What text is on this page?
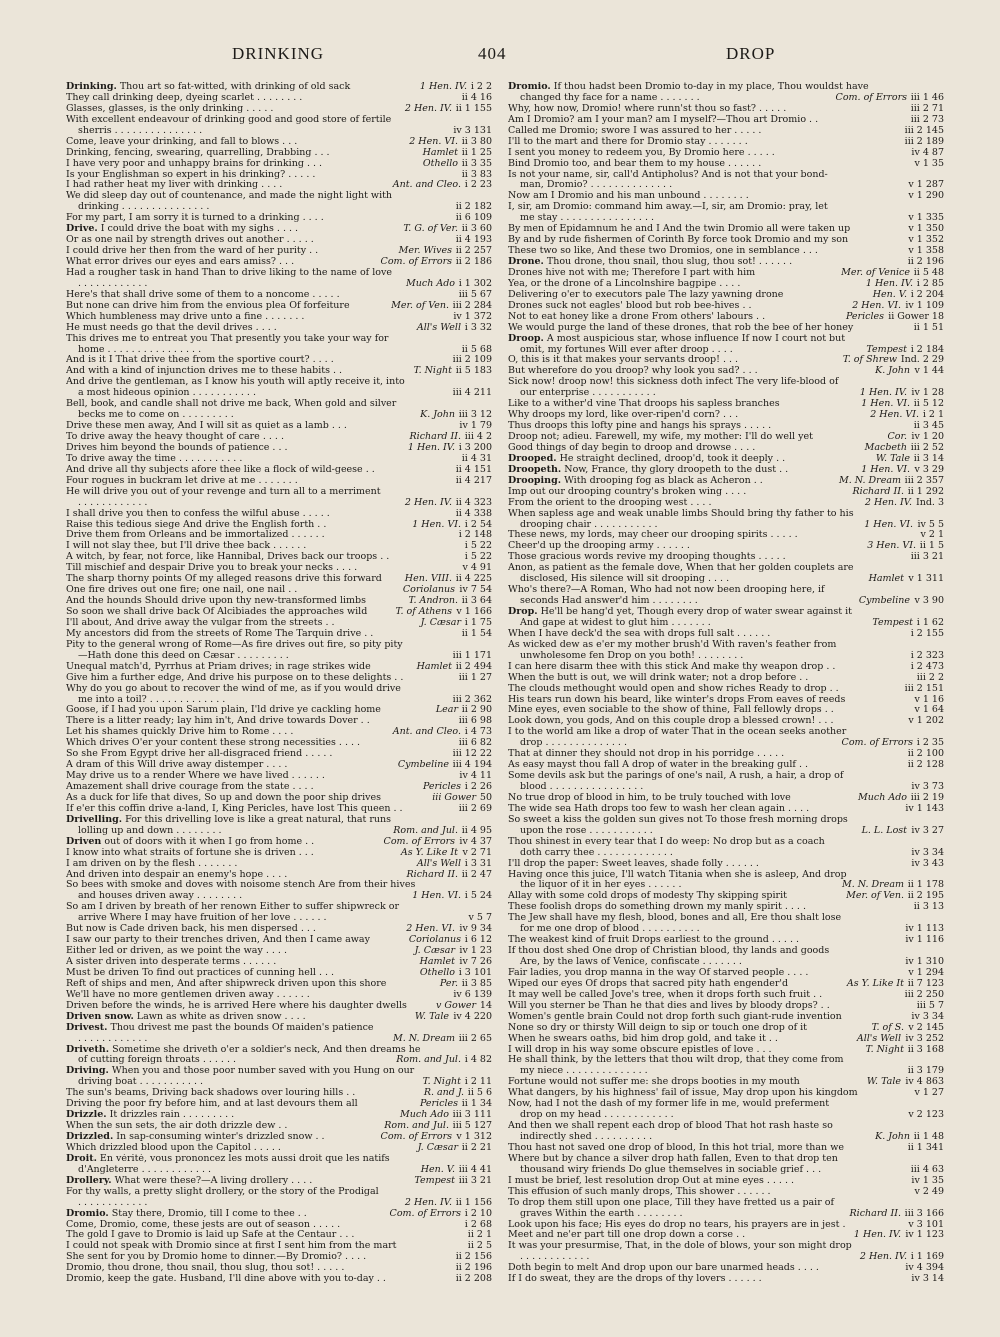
DRINKING	404	DROP
Drinking. Thou art so fat-witted, with drinking of old sack	1 Hen. IV. i 2 2
They call drinking deep, dyeing scarlet . . . . . . . .	ii 4 16
Glasses, glasses, is the only drinking . . . . .	2 Hen. IV. ii 1 155
With excellent endeavour of drinking good and good store of fertile
sherris . . . . . . . . . . . . . . .	iv 3 131
Come, leave your drinking, and fall to blows . . .	2 Hen. VI. ii 3 80
Drinking, fencing, swearing, quarrelling, Drabbing . . .	Hamlet ii 1 25
I have very poor and unhappy brains for drinking . . .	Othello ii 3 35
Is your Englishman so expert in his drinking? . . . . .	ii 3 83
I had rather heat my liver with drinking . . . .	Ant. and Cleo. i 2 23
We did sleep day out of countenance, and made the night light with
drinking . . . . . . . . . . . . . . .	ii 2 182
For my part, I am sorry it is turned to a drinking . . . .	ii 6 109
Drive. I could drive the boat with my sighs . . . .	T. G. of Ver. ii 3 60
Or as one nail by strength drives out another . . . . .	ii 4 193
I could drive her then from the ward of her purity . .	Mer. Wives ii 2 257
What error drives our eyes and ears amiss? . . .	Com. of Errors ii 2 186
Had a rougher task in hand Than to drive liking to the name of love
. . . . . . . . . . . .	Much Ado i 1 302
Here's that shall drive some of them to a noncome . . . . .	iii 5 67
But none can drive him from the envious plea Of forfeiture	Mer. of Ven. iii 2 284
Which humbleness may drive unto a fine . . . . . . .	iv 1 372
He must needs go that the devil drives . . . .	All's Well i 3 32
This drives me to entreat you That presently you take your way for
home . . . . . . . . . . . . . . . .	ii 5 68
And is it I That drive thee from the sportive court? . . . .	iii 2 109
And with a kind of injunction drives me to these habits . .	T. Night ii 5 183
And drive the gentleman, as I know his youth will aptly receive it, into
a most hideous opinion . . . . . . . . . . .	iii 4 211
Bell, book, and candle shall not drive me back, When gold and silver
becks me to come on . . . . . . . . .	K. John iii 3 12
Drive these men away, And I will sit as quiet as a lamb . . .	iv 1 79
To drive away the heavy thought of care . . . .	Richard II. iii 4 2
Drives him beyond the bounds of patience . . .	1 Hen. IV. i 3 200
To drive away the time . . . . . . . . . . .	ii 4 31
And drive all thy subjects afore thee like a flock of wild-geese . .	ii 4 151
Four rogues in buckram let drive at me . . . . . . .	ii 4 217
He will drive you out of your revenge and turn all to a merriment
. . . . . . . . . . . .	2 Hen. IV. ii 4 323
I shall drive you then to confess the wilful abuse . . . . .	ii 4 338
Raise this tedious siege And drive the English forth . .	1 Hen. VI. i 2 54
Drive them from Orleans and be immortalized . . . . . .	i 2 148
I will not slay thee, but I'll drive thee back . . . . . .	i 5 22
A witch, by fear, not force, like Hannibal, Drives back our troops . .	i 5 22
Till mischief and despair Drive you to break your necks . . . .	v 4 91
The sharp thorny points Of my alleged reasons drive this forward	Hen. VIII. ii 4 225
One fire drives out one fire; one nail, one nail . .	Coriolanus iv 7 54
And the hounds Should drive upon thy new-transformed limbs	T. Andron. ii 3 64
So soon we shall drive back Of Alcibiades the approaches wild	T. of Athens v 1 166
I'll about, And drive away the vulgar from the streets . .	J. Cæsar i 1 75
My ancestors did from the streets of Rome The Tarquin drive . .	ii 1 54
Pity to the general wrong of Rome—As fire drives out fire, so pity pity
—Hath done this deed on Cæsar . . . . . . . . .	iii 1 171
Unequal match'd, Pyrrhus at Priam drives; in rage strikes wide	Hamlet ii 2 494
Give him a further edge, And drive his purpose on to these delights . .	iii 1 27
Why do you go about to recover the wind of me, as if you would drive
me into a toil? . . . . . . . . . . . . .	iii 2 362
Goose, if I had you upon Sarum plain, I'ld drive ye cackling home	Lear ii 2 90
There is a litter ready; lay him in't, And drive towards Dover . .	iii 6 98
Let his shames quickly Drive him to Rome . . . .	Ant. and Cleo. i 4 73
Which drives O'er your content these strong necessities . . . .	iii 6 82
So she From Egypt drive her all-disgraced friend . . . . .	iii 12 22
A dram of this Will drive away distemper . . . .	Cymbeline iii 4 194
May drive us to a render Where we have lived . . . . . .	iv 4 11
Amazement shall drive courage from the state . . . .	Pericles i 2 26
As a duck for life that dives, So up and down the poor ship drives	iii Gower 50
If e'er this coffin drive a-land, I, King Pericles, have lost This queen . .	iii 2 69
Drivelling. For this drivelling love is like a great natural, that runs
lolling up and down . . . . . . . .	Rom. and Jul. ii 4 95
Driven out of doors with it when I go from home . .	Com. of Errors iv 4 37
I know into what straits of fortune she is driven . . .	As Y. Like It v 2 71
I am driven on by the flesh . . . . . . .	All's Well i 3 31
And driven into despair an enemy's hope . . . .	Richard II. ii 2 47
So bees with smoke and doves with noisome stench Are from their hives
and houses driven away . . . . . . . .	1 Hen. VI. i 5 24
So am I driven by breath of her renown Either to suffer shipwreck or
arrive Where I may have fruition of her love . . . . . .	v 5 7
But now is Cade driven back, his men dispersed . . .	2 Hen. VI. iv 9 34
I saw our party to their trenches driven, And then I came away	Coriolanus i 6 12
Either led or driven, as we point the way . . . .	J. Cæsar iv 1 23
A sister driven into desperate terms . . . . . .	Hamlet iv 7 26
Must be driven To find out practices of cunning hell . . .	Othello i 3 101
Reft of ships and men, And after shipwreck driven upon this shore	Per. ii 3 85
We'll have no more gentlemen driven away . . . . . .	iv 6 139
Driven before the winds, he is arrived Here where his daughter dwells	v Gower 14
Driven snow. Lawn as white as driven snow . . . .	W. Tale iv 4 220
Drivest. Thou drivest me past the bounds Of maiden's patience
. . . . . . . . . . . .	M. N. Dream iii 2 65
Driveth. Sometime she driveth o'er a soldier's neck, And then dreams he
of cutting foreign throats . . . . . .	Rom. and Jul. i 4 82
Driving. When you and those poor number saved with you Hung on our
driving boat . . . . . . . . . . .	T. Night i 2 11
The sun's beams, Driving back shadows over louring hills . .	R. and J. ii 5 6
Driving the poor fry before him, and at last devours them all	Pericles ii 1 34
Drizzle. It drizzles rain . . . . . . . . .	Much Ado iii 3 111
When the sun sets, the air doth drizzle dew . .	Rom. and Jul. iii 5 127
Drizzled. In sap-consuming winter's drizzled snow . .	Com. of Errors v 1 312
Which drizzled blood upon the Capitol . . . . .	J. Cæsar ii 2 21
Droit. En vérité, vous prononcez les mots aussi droit que les natifs
d'Angleterre . . . . . . . . . . . .	Hen. V. iii 4 41
Drollery. What were these?—A living drollery . . . .	Tempest iii 3 21
For thy walls, a pretty slight drollery, or the story of the Prodigal
. . . . . . . . . . . .	2 Hen. IV. ii 1 156
Dromio. Stay there, Dromio, till I come to thee . .	Com. of Errors i 2 10
Come, Dromio, come, these jests are out of season . . . . .	i 2 68
The gold I gave to Dromio is laid up Safe at the Centaur . . .	ii 2 1
I could not speak with Dromio since at first I sent him from the mart	ii 2 5
She sent for you by Dromio home to dinner.—By Dromio? . . . .	ii 2 156
Dromio, thou drone, thou snail, thou slug, thou sot! . . . . .	ii 2 196
Dromio, keep the gate. Husband, I'll dine above with you to-day . .	ii 2 208
Dromio. If thou hadst been Dromio to-day in my place, Thou wouldst have
changed thy face for a name . . . . . . .	Com. of Errors iii 1 46
Why, how now, Dromio! where runn'st thou so fast? . . . . .	iii 2 71
Am I Dromio? am I your man? am I myself?—Thou art Dromio . .	iii 2 73
Called me Dromio; swore I was assured to her . . . . .	iii 2 145
I'll to the mart and there for Dromio stay . . . . . . .	iii 2 189
I sent you money to redeem you, By Dromio here . . . . .	iv 4 87
Bind Dromio too, and bear them to my house . . . . . .	v 1 35
Is not your name, sir, call'd Antipholus? And is not that your bond-
man, Dromio? . . . . . . . . . . . . . .	v 1 287
Now am I Dromio and his man unbound . . . . . . . .	v 1 290
I, sir, am Dromio: command him away.—I, sir, am Dromio: pray, let
me stay . . . . . . . . . . . . . . . .	v 1 335
By men of Epidamnum he and I And the twin Dromio all were taken up	v 1 350
By and by rude fishermen of Corinth By force took Dromio and my son	v 1 352
These two so like, And these two Dromios, one in semblance . . .	v 1 358
Drone. Thou drone, thou snail, thou slug, thou sot! . . . . . .	ii 2 196
Drones hive not with me; Therefore I part with him	Mer. of Venice ii 5 48
Yea, or the drone of a Lincolnshire bagpipe . . . .	1 Hen. IV. i 2 85
Delivering o'er to executors pale The lazy yawning drone	Hen. V. i 2 204
Drones suck not eagles' blood but rob bee-hives . .	2 Hen. VI. iv 1 109
Not to eat honey like a drone From others' labours . .	Pericles ii Gower 18
We would purge the land of these drones, that rob the bee of her honey	ii 1 51
Droop. A most auspicious star, whose influence If now I court not but
omit, my fortunes Will ever after droop . . . .	Tempest i 2 184
O, this is it that makes your servants droop! . . .	T. of Shrew Ind. 2 29
But wherefore do you droop? why look you sad? . . .	K. John v 1 44
Sick now! droop now! this sickness doth infect The very life-blood of
our enterprise . . . . . . . . . . .	1 Hen. IV. iv 1 28
Like to a wither'd vine That droops his sapless branches	1 Hen. VI. ii 5 12
Why droops my lord, like over-ripen'd corn? . . .	2 Hen. VI. i 2 1
Thus droops this lofty pine and hangs his sprays . . . . .	ii 3 45
Droop not; adieu. Farewell, my wife, my mother: I'll do well yet	Cor. iv 1 20
Good things of day begin to droop and drowse . . . .	Macbeth iii 2 52
Drooped. He straight declined, droop'd, took it deeply . .	W. Tale ii 3 14
Droopeth. Now, France, thy glory droopeth to the dust . .	1 Hen. VI. v 3 29
Drooping. With drooping fog as black as Acheron . .	M. N. Dream iii 2 357
Imp out our drooping country's broken wing . . . .	Richard II. ii 1 292
From the orient to the drooping west . . . .	2 Hen. IV. Ind. 3
When sapless age and weak unable limbs Should bring thy father to his
drooping chair . . . . . . . . . . .	1 Hen. VI. iv 5 5
These news, my lords, may cheer our drooping spirits . . . . .	v 2 1
Cheer'd up the drooping army . . . . . .	3 Hen. VI. ii 1 5
Those gracious words revive my drooping thoughts . . . . .	iii 3 21
Anon, as patient as the female dove, When that her golden couplets are
disclosed, His silence will sit drooping . . . .	Hamlet v 1 311
Who's there?—A Roman, Who had not now been drooping here, if
seconds Had answer'd him . . . . . . . .	Cymbeline v 3 90
Drop. He'll be hang'd yet, Though every drop of water swear against it
And gape at widest to glut him . . . . . . .	Tempest i 1 62
When I have deck'd the sea with drops full salt . . . . . .	i 2 155
As wicked dew as e'er my mother brush'd With raven's feather from
unwholesome fen Drop on you both! . . . . . . . .	i 2 323
I can here disarm thee with this stick And make thy weapon drop . .	i 2 473
When the butt is out, we will drink water; not a drop before . .	iii 2 2
The clouds methought would open and show riches Ready to drop . .	iii 2 151
His tears run down his beard, like winter's drops From eaves of reeds	v 1 16
Mine eyes, even sociable to the show of thine, Fall fellowly drops . .	v 1 64
Look down, you gods, And on this couple drop a blessed crown! . . .	v 1 202
I to the world am like a drop of water That in the ocean seeks another
drop . . . . . . . . . . . . . .	Com. of Errors i 2 35
That at dinner they should not drop in his porridge . . . . .	ii 2 100
As easy mayst thou fall A drop of water in the breaking gulf . .	ii 2 128
Some devils ask but the parings of one's nail, A rush, a hair, a drop of
blood . . . . . . . . . . . . . . . .	iv 3 73
No true drop of blood in him, to be truly touched with love	Much Ado iii 2 19
The wide sea Hath drops too few to wash her clean again . . . .	iv 1 143
So sweet a kiss the golden sun gives not To those fresh morning drops
upon the rose . . . . . . . . . . .	L. L. Lost iv 3 27
Thou shinest in every tear that I do weep: No drop but as a coach
doth carry thee . . . . . . . . . . . . .	iv 3 34
I'll drop the paper: Sweet leaves, shade folly . . . . . .	iv 3 43
Having once this juice, I'll watch Titania when she is asleep, And drop
the liquor of it in her eyes . . . . . .	M. N. Dream ii 1 178
Allay with some cold drops of modesty Thy skipping spirit	Mer. of Ven. ii 2 195
These foolish drops do something drown my manly spirit . . . .	ii 3 13
The Jew shall have my flesh, blood, bones and all, Ere thou shalt lose
for me one drop of blood . . . . . . . . . .	iv 1 113
The weakest kind of fruit Drops earliest to the ground . . . . .	iv 1 116
If thou dost shed One drop of Christian blood, thy lands and goods
Are, by the laws of Venice, confiscate . . . . . . .	iv 1 310
Fair ladies, you drop manna in the way Of starved people . . . .	v 1 294
Wiped our eyes Of drops that sacred pity hath engender'd	As Y. Like It ii 7 123
It may well be called Jove's tree, when it drops forth such fruit . .	iii 2 250
Will you sterner be Than he that dies and lives by bloody drops? . .	iii 5 7
Women's gentle brain Could not drop forth such giant-rude invention	iv 3 34
None so dry or thirsty Will deign to sip or touch one drop of it	T. of S. v 2 145
When he swears oaths, bid him drop gold, and take it . .	All's Well iv 3 252
I will drop in his way some obscure epistles of love . . .	T. Night ii 3 168
He shall think, by the letters that thou wilt drop, that they come from
my niece . . . . . . . . . . . . . .	ii 3 179
Fortune would not suffer me: she drops booties in my mouth	W. Tale iv 4 863
What dangers, by his highness' fail of issue, May drop upon his kingdom	v 1 27
Now, had I not the dash of my former life in me, would preferment
drop on my head . . . . . . . . . . . .	v 2 123
And then we shall repent each drop of blood That hot rash haste so
indirectly shed . . . . . . . . . .	K. John ii 1 48
Thou hast not saved one drop of blood, In this hot trial, more than we	ii 1 341
Where but by chance a silver drop hath fallen, Even to that drop ten
thousand wiry friends Do glue themselves in sociable grief . . .	iii 4 63
I must be brief, lest resolution drop Out at mine eyes . . . . .	iv 1 35
This effusion of such manly drops, This shower . . . . . .	v 2 49
To drop them still upon one place, Till they have fretted us a pair of
graves Within the earth . . . . . . . .	Richard II. iii 3 166
Look upon his face; His eyes do drop no tears, his prayers are in jest .	v 3 101
Meet and ne'er part till one drop down a corse . .	1 Hen. IV. iv 1 123
It was your presurmise, That, in the dole of blows, your son might drop
. . . . . . . . . . . .	2 Hen. IV. i 1 169
Doth begin to melt And drop upon our bare unarmed heads . . . .	iv 4 394
If I do sweat, they are the drops of thy lovers . . . . . .	iv 3 14
